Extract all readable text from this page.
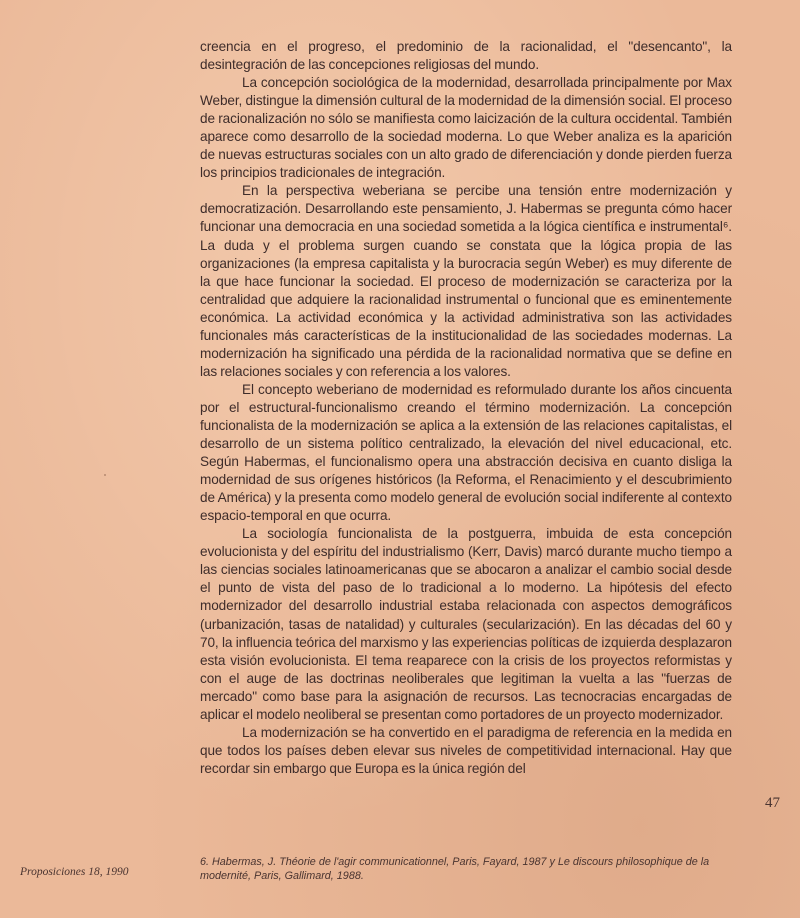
creencia en el progreso, el predominio de la racionalidad, el "desencanto", la desintegración de las concepciones religiosas del mundo.

La concepción sociológica de la modernidad, desarrollada principalmente por Max Weber, distingue la dimensión cultural de la modernidad de la dimensión social. El proceso de racionalización no sólo se manifiesta como laicización de la cultura occidental. También aparece como desarrollo de la sociedad moderna. Lo que Weber analiza es la aparición de nuevas estructuras sociales con un alto grado de diferenciación y donde pierden fuerza los principios tradicionales de integración.

En la perspectiva weberiana se percibe una tensión entre modernización y democratización. Desarrollando este pensamiento, J. Habermas se pregunta cómo hacer funcionar una democracia en una sociedad sometida a la lógica científica e instrumental⁶. La duda y el problema surgen cuando se constata que la lógica propia de las organizaciones (la empresa capitalista y la burocracia según Weber) es muy diferente de la que hace funcionar la sociedad. El proceso de modernización se caracteriza por la centralidad que adquiere la racionalidad instrumental o funcional que es eminentemente económica. La actividad económica y la actividad administrativa son las actividades funcionales más características de la institucionalidad de las sociedades modernas. La modernización ha significado una pérdida de la racionalidad normativa que se define en las relaciones sociales y con referencia a los valores.

El concepto weberiano de modernidad es reformulado durante los años cincuenta por el estructural-funcionalismo creando el término modernización. La concepción funcionalista de la modernización se aplica a la extensión de las relaciones capitalistas, el desarrollo de un sistema político centralizado, la elevación del nivel educacional, etc. Según Habermas, el funcionalismo opera una abstracción decisiva en cuanto disliga la modernidad de sus orígenes históricos (la Reforma, el Renacimiento y el descubrimiento de América) y la presenta como modelo general de evolución social indiferente al contexto espacio-temporal en que ocurra.

La sociología funcionalista de la postguerra, imbuida de esta concepción evolucionista y del espíritu del industrialismo (Kerr, Davis) marcó durante mucho tiempo a las ciencias sociales latinoamericanas que se abocaron a analizar el cambio social desde el punto de vista del paso de lo tradicional a lo moderno. La hipótesis del efecto modernizador del desarrollo industrial estaba relacionada con aspectos demográficos (urbanización, tasas de natalidad) y culturales (secularización). En las décadas del 60 y 70, la influencia teórica del marxismo y las experiencias políticas de izquierda desplazaron esta visión evolucionista. El tema reaparece con la crisis de los proyectos reformistas y con el auge de las doctrinas neoliberales que legitiman la vuelta a las "fuerzas de mercado" como base para la asignación de recursos. Las tecnocracias encargadas de aplicar el modelo neoliberal se presentan como portadores de un proyecto modernizador.

La modernización se ha convertido en el paradigma de referencia en la medida en que todos los países deben elevar sus niveles de competitividad internacional. Hay que recordar sin embargo que Europa es la única región del

47
Proposiciones 18, 1990
6. Habermas, J. Théorie de l'agir communicationnel, Paris, Fayard, 1987 y Le discours philosophique de la modernité, Paris, Gallimard, 1988.
